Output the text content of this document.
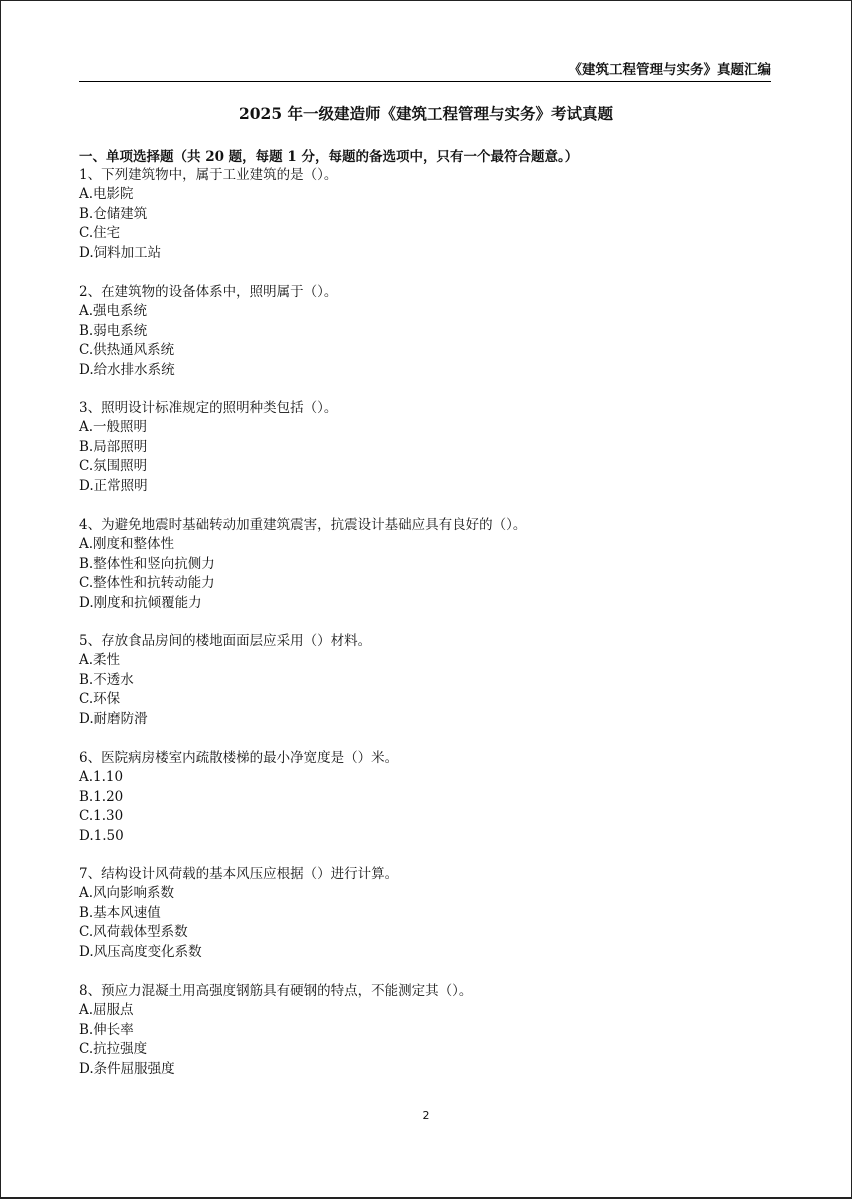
《建筑工程管理与实务》真题汇编
2025 年一级建造师《建筑工程管理与实务》考试真题
一、单项选择题（共 20 题，每题 1 分，每题的备选项中，只有一个最符合题意。）
1、下列建筑物中，属于工业建筑的是（）。
A.电影院
B.仓储建筑
C.住宅
D.饲料加工站
2、在建筑物的设备体系中，照明属于（）。
A.强电系统
B.弱电系统
C.供热通风系统
D.给水排水系统
3、照明设计标准规定的照明种类包括（）。
A.一般照明
B.局部照明
C.氛围照明
D.正常照明
4、为避免地震时基础转动加重建筑震害，抗震设计基础应具有良好的（）。
A.刚度和整体性
B.整体性和竖向抗侧力
C.整体性和抗转动能力
D.刚度和抗倾覆能力
5、存放食品房间的楼地面面层应采用（）材料。
A.柔性
B.不透水
C.环保
D.耐磨防滑
6、医院病房楼室内疏散楼梯的最小净宽度是（）米。
A.1.10
B.1.20
C.1.30
D.1.50
7、结构设计风荷载的基本风压应根据（）进行计算。
A.风向影响系数
B.基本风速值
C.风荷载体型系数
D.风压高度变化系数
8、预应力混凝土用高强度钢筋具有硬钢的特点，不能测定其（）。
A.屈服点
B.伸长率
C.抗拉强度
D.条件屈服强度
2
